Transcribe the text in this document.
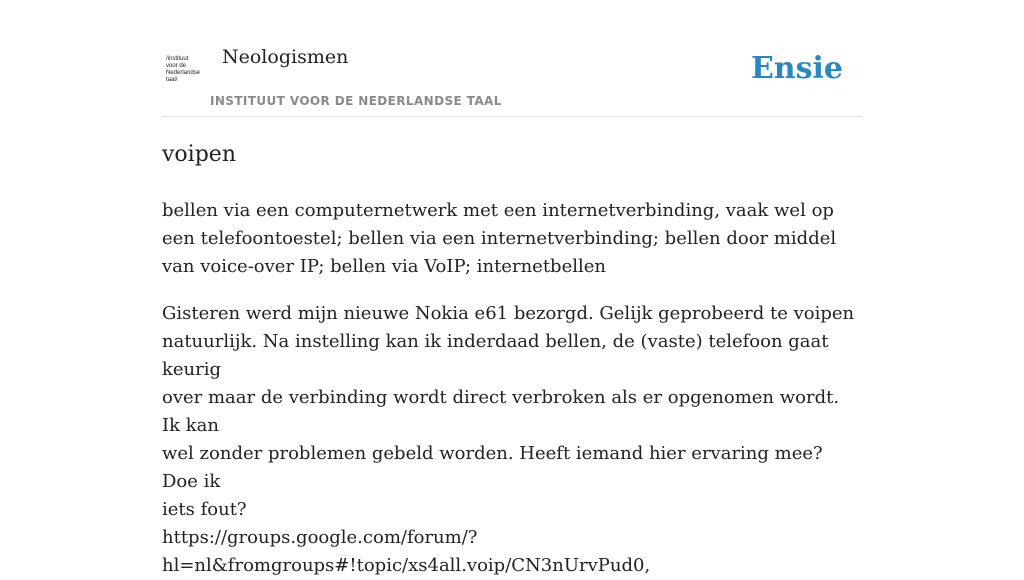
/instituut
voor de
Nederlandse
taal/
Neologismen
INSTITUUT VOOR DE NEDERLANDSE TAAL
Ensie
voipen

bellen via een computernetwerk met een internetverbinding, vaak wel op een telefoontoestel; bellen via een internetverbinding; bellen door middel van voice-over IP; bellen via VoIP; internetbellen

Gisteren werd mijn nieuwe Nokia e61 bezorgd. Gelijk geprobeerd te voipen
natuurlijk. Na instelling kan ik inderdaad bellen, de (vaste) telefoon gaat keurig
over maar de verbinding wordt direct verbroken als er opgenomen wordt. Ik kan
wel zonder problemen gebeld worden. Heeft iemand hier ervaring mee? Doe ik
iets fout?
https://groups.google.com/forum/?
hl=nl&fromgroups#!topic/xs4all.voip/CN3nUrvPud0,
